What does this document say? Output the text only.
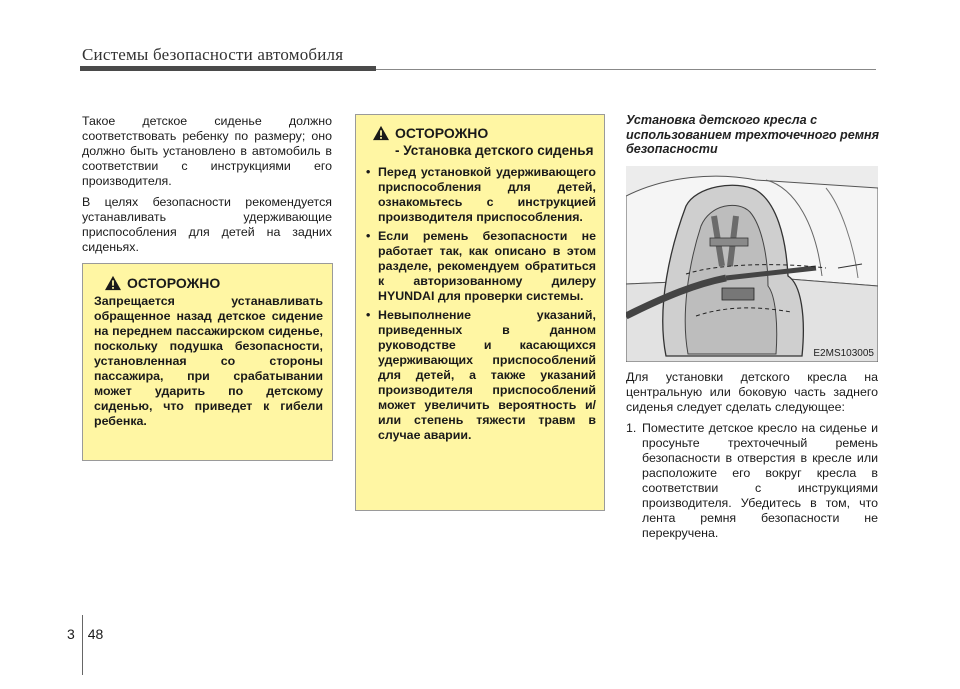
Системы безопасности автомобиля

Такое детское сиденье должно соответствовать ребенку по размеру; оно должно быть установлено в автомобиль в соответствии с инструкциями его производителя.

В целях безопасности рекомендуется устанавливать удерживающие приспособления для детей на задних сиденьях.

ОСТОРОЖНО
Запрещается устанавливать обращенное назад детское сидение на переднем пассажирском сиденье, поскольку подушка безопасности, установленная со стороны пассажира, при срабатывании может ударить по детскому сиденью, что приведет к гибели ребенка.
ОСТОРОЖНО
- Установка детского сиденья
• Перед установкой удерживающего приспособления для детей, ознакомьтесь с инструкцией производителя приспособления.
• Если ремень безопасности не работает так, как описано в этом разделе, рекомендуем обратиться к авторизованному дилеру HYUNDAI для проверки системы.
• Невыполнение указаний, приведенных в данном руководстве и касающихся удерживающих приспособлений для детей, а также указаний производителя приспособлений может увеличить вероятность и/или степень тяжести травм в случае аварии.
Установка детского кресла с использованием трехточечного ремня безопасности
E2MS103005

Для установки детского кресла на центральную или боковую часть заднего сиденья следует сделать следующее:

1. Поместите детское кресло на сиденье и просуньте трехточечный ремень безопасности в отверстия в кресле или расположите его вокруг кресла в соответствии с инструкциями производителя. Убедитесь в том, что лента ремня безопасности не перекручена.
3 48
